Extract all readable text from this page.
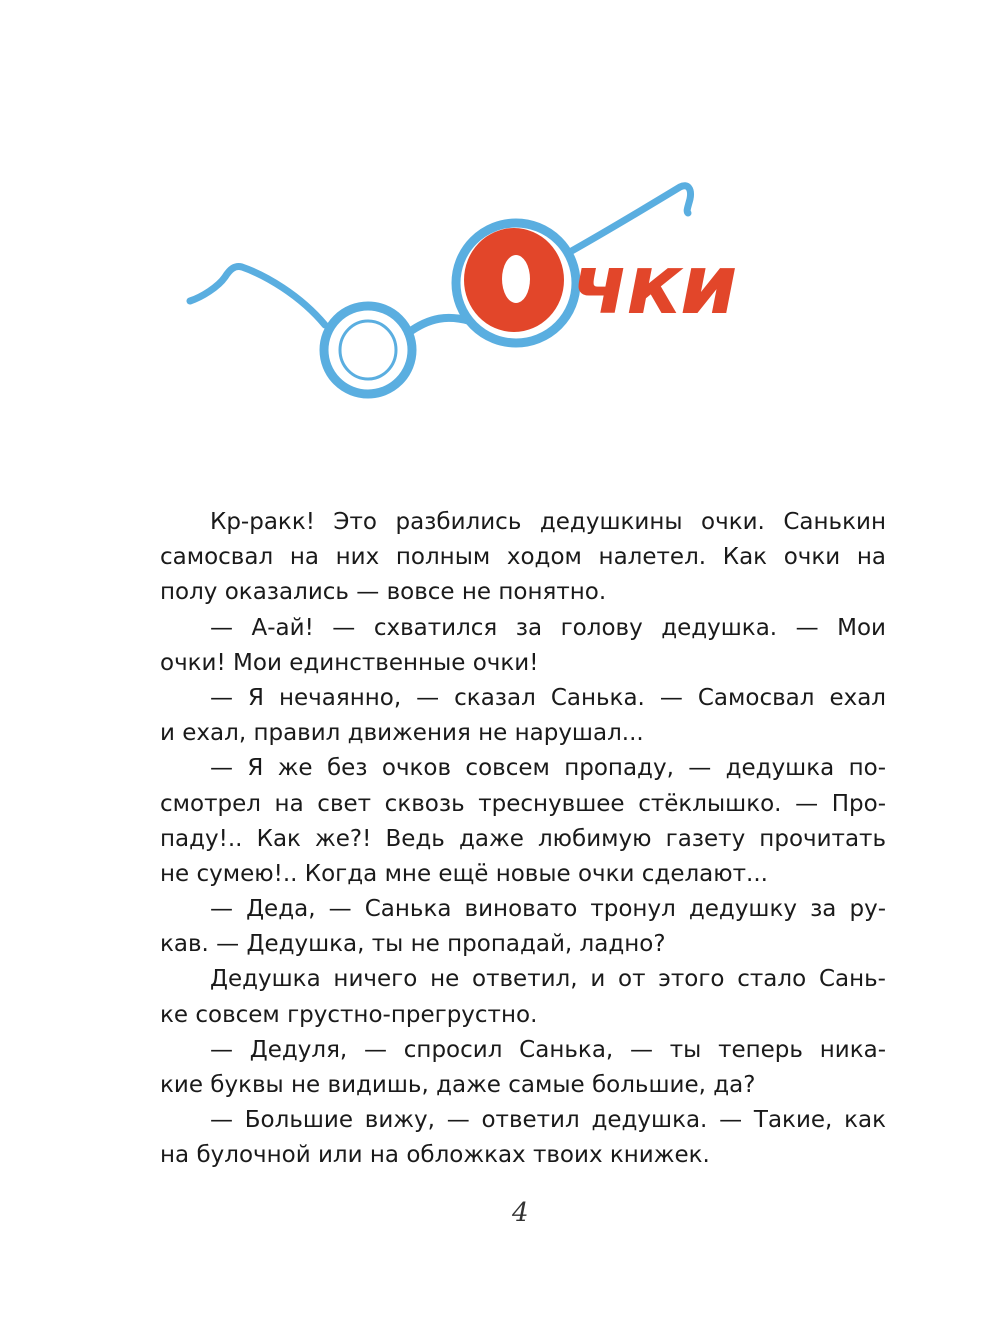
чки
Кр-ракк! Это разбились дедушкины очки. Санькин
самосвал на них полным ходом налетел. Как очки на
полу оказались — вовсе не понятно.
— А-ай! — схватился за голову дедушка. — Мои
очки! Мои единственные очки!
— Я нечаянно, — сказал Санька. — Самосвал ехал
и ехал, правил движения не нарушал...
— Я же без очков совсем пропаду, — дедушка по-
смотрел на свет сквозь треснувшее стёклышко. — Про-
паду!.. Как же?! Ведь даже любимую газету прочитать
не сумею!.. Когда мне ещё новые очки сделают...
— Деда, — Санька виновато тронул дедушку за ру-
кав. — Дедушка, ты не пропадай, ладно?
Дедушка ничего не ответил, и от этого стало Сань-
ке совсем грустно-прегрустно.
— Дедуля, — спросил Санька, — ты теперь ника-
кие буквы не видишь, даже самые большие, да?
— Большие вижу, — ответил дедушка. — Такие, как
на булочной или на обложках твоих книжек.
4
